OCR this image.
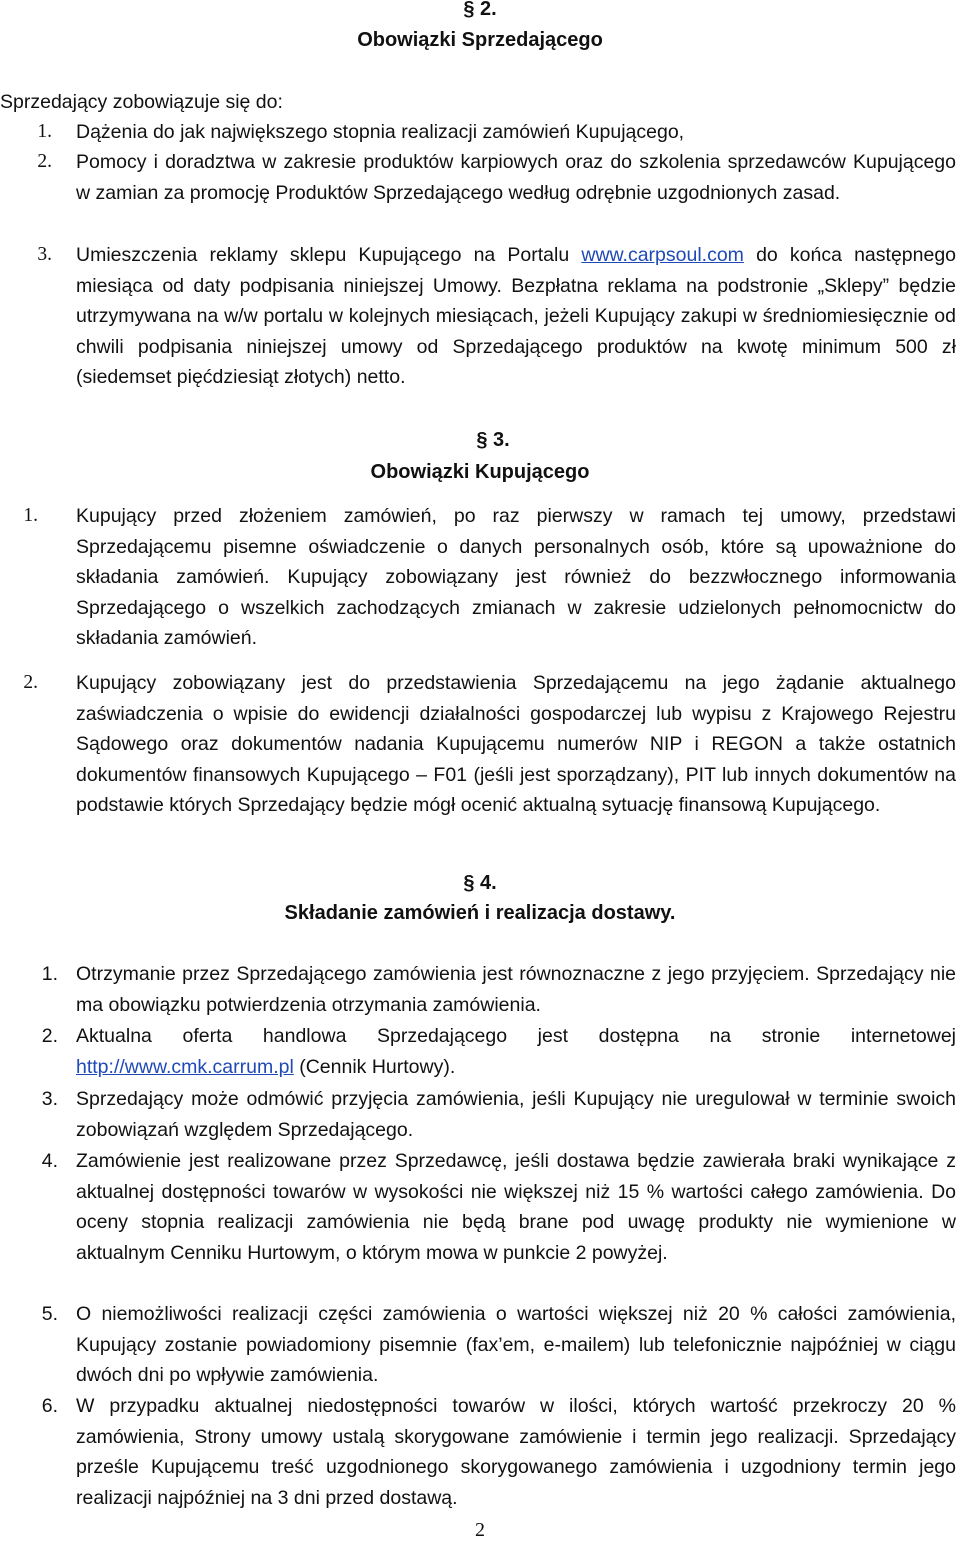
§ 2.

Obowiązki Sprzedającego

Sprzedający zobowiązuje się do:

1. Dążenia do jak największego stopnia realizacji zamówień Kupującego,

2. Pomocy i doradztwa w zakresie produktów karpiowych oraz do szkolenia sprzedawców Kupującego w zamian za promocję Produktów Sprzedającego według odrębnie uzgodnionych zasad.

3. Umieszczenia reklamy sklepu Kupującego na Portalu www.carpsoul.com do końca następnego miesiąca od daty podpisania niniejszej Umowy. Bezpłatna reklama na podstronie „Sklepy” będzie utrzymywana na w/w portalu w kolejnych miesiącach, jeżeli Kupujący zakupi w średniomiesięcznie od chwili podpisania niniejszej umowy od Sprzedającego produktów na kwotę minimum 500 zł (siedemset pięćdziesiąt złotych) netto.

§ 3.

Obowiązki Kupującego

1. Kupujący przed złożeniem zamówień, po raz pierwszy w ramach tej umowy, przedstawi Sprzedającemu pisemne oświadczenie o danych personalnych osób, które są upoważnione do składania zamówień. Kupujący zobowiązany jest również do bezzwłocznego informowania Sprzedającego o wszelkich zachodzących zmianach w zakresie udzielonych pełnomocnictw do składania zamówień.

2. Kupujący zobowiązany jest do przedstawienia Sprzedającemu na jego żądanie aktualnego zaświadczenia o wpisie do ewidencji działalności gospodarczej lub wypisu z Krajowego Rejestru Sądowego oraz dokumentów nadania Kupującemu numerów NIP i REGON a także ostatnich dokumentów finansowych Kupującego – F01 (jeśli jest sporządzany), PIT lub innych dokumentów na podstawie których Sprzedający będzie mógł ocenić aktualną sytuację finansową Kupującego.

§ 4.

Składanie zamówień i realizacja dostawy.

1. Otrzymanie przez Sprzedającego zamówienia jest równoznaczne z jego przyjęciem. Sprzedający nie ma obowiązku potwierdzenia otrzymania zamówienia.

2. Aktualna oferta handlowa Sprzedającego jest dostępna na stronie internetowej http://www.cmk.carrum.pl (Cennik Hurtowy).

3. Sprzedający może odmówić przyjęcia zamówienia, jeśli Kupujący nie uregulował w terminie swoich zobowiązań względem Sprzedającego.

4. Zamówienie jest realizowane przez Sprzedawcę, jeśli dostawa będzie zawierała braki wynikające z aktualnej dostępności towarów w wysokości nie większej niż 15 % wartości całego zamówienia. Do oceny stopnia realizacji zamówienia nie będą brane pod uwagę produkty nie wymienione w aktualnym Cenniku Hurtowym, o którym mowa w punkcie 2 powyżej.

5. O niemożliwości realizacji części zamówienia o wartości większej niż 20 % całości zamówienia, Kupujący zostanie powiadomiony pisemnie (fax’em, e-mailem) lub telefonicznie najpóźniej w ciągu dwóch dni po wpływie zamówienia.

6. W przypadku aktualnej niedostępności towarów w ilości, których wartość przekroczy 20 % zamówienia, Strony umowy ustalą skorygowane zamówienie i termin jego realizacji. Sprzedający prześle Kupującemu treść uzgodnionego skorygowanego zamówienia i uzgodniony termin jego realizacji najpóźniej na 3 dni przed dostawą.

2
